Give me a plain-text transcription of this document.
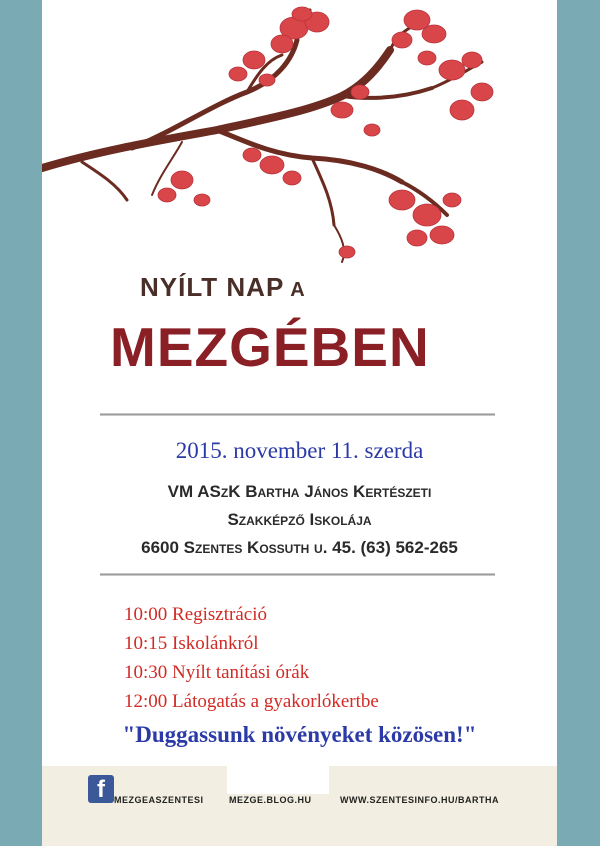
NYÍLT NAP A
MEZGÉBEN
2015. november 11. szerda
VM ASzK Bartha János Kertészeti
Szakképző Iskolája
6600 Szentes Kossuth u. 45. (63) 562-265
10:00 Regisztráció
10:15 Iskolánkról
10:30 Nyílt tanítási órák
12:00 Látogatás a gyakorlókertbe
"Duggassunk növényeket közösen!"
f	MEZGEASZENTESI	MEZGE.BLOG.HU	WWW.SZENTESINFO.HU/BARTHA
